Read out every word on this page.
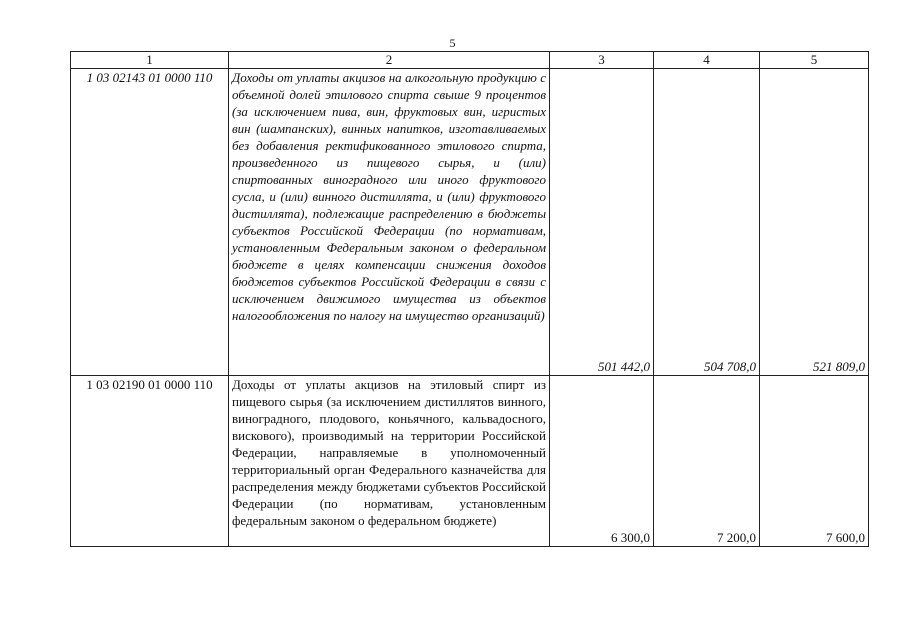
5
1	2	3	4	5
1 03 02143 01 0000 110	Доходы от уплаты акцизов на алкогольную продукцию с объемной долей этилового спирта свыше 9 процентов (за исключением пива, вин, фруктовых вин, игристых вин (шампанских), винных напитков, изготавливаемых без добавления ректификованного этилового спирта, произведенного из пищевого сырья, и (или) спиртованных виноградного или иного фруктового сусла, и (или) винного дистиллята, и (или) фруктового дистиллята), подлежащие распределению в бюджеты субъектов Российской Федерации (по нормативам, установленным Федеральным законом о федеральном бюджете в целях компенсации снижения доходов бюджетов субъектов Российской Федерации в связи с исключением движимого имущества из объектов налогообложения по налогу на имущество организаций)	501 442,0	504 708,0	521 809,0
1 03 02190 01 0000 110	Доходы от уплаты акцизов на этиловый спирт из пищевого сырья (за исключением дистиллятов винного, виноградного, плодового, коньячного, кальвадосного, вискового), производимый на территории Российской Федерации, направляемые в уполномоченный территориальный орган Федерального казначейства для распределения между бюджетами субъектов Российской Федерации (по нормативам, установленным федеральным законом о федеральном бюджете)	6 300,0	7 200,0	7 600,0
